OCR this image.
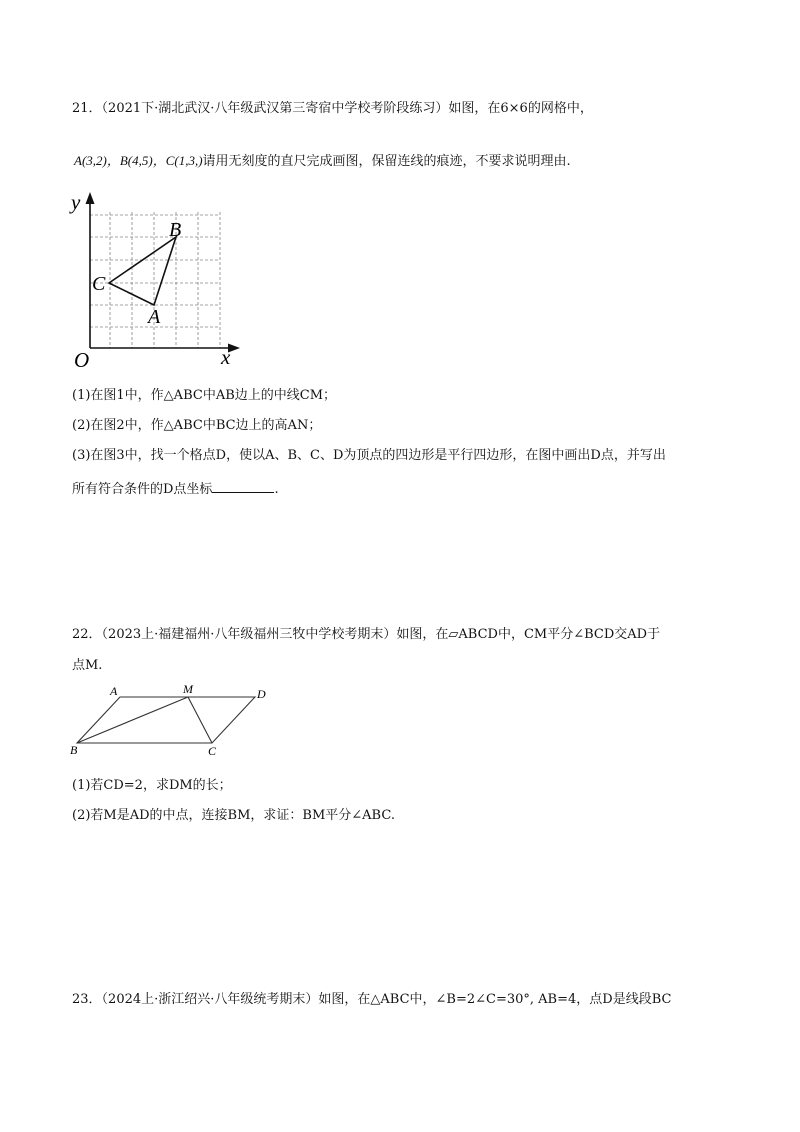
21．（2021下·湖北武汉·八年级武汉第三寄宿中学校考阶段练习）如图，在6×6的网格中，
A(3,2)，B(4,5)，C(1,3,)请用无刻度的直尺完成画图，保留连线的痕迹，不要求说明理由.
y
x
O
B
C
A
(1)在图1中，作△ABC中AB边上的中线CM；
(2)在图2中，作△ABC中BC边上的高AN；
(3)在图3中，找一个格点D，使以A、B、C、D为顶点的四边形是平行四边形，在图中画出D点，并写出
所有符合条件的D点坐标	.
22．（2023上·福建福州·八年级福州三牧中学校考期末）如图，在▱ABCD中，CM平分∠BCD交AD于
点M.
A	M	D
B	C
(1)若CD=2，求DM的长；
(2)若M是AD的中点，连接BM，求证：BM平分∠ABC.
23．（2024上·浙江绍兴·八年级统考期末）如图，在△ABC中，∠B=2∠C=30°, AB=4，点D是线段BC
